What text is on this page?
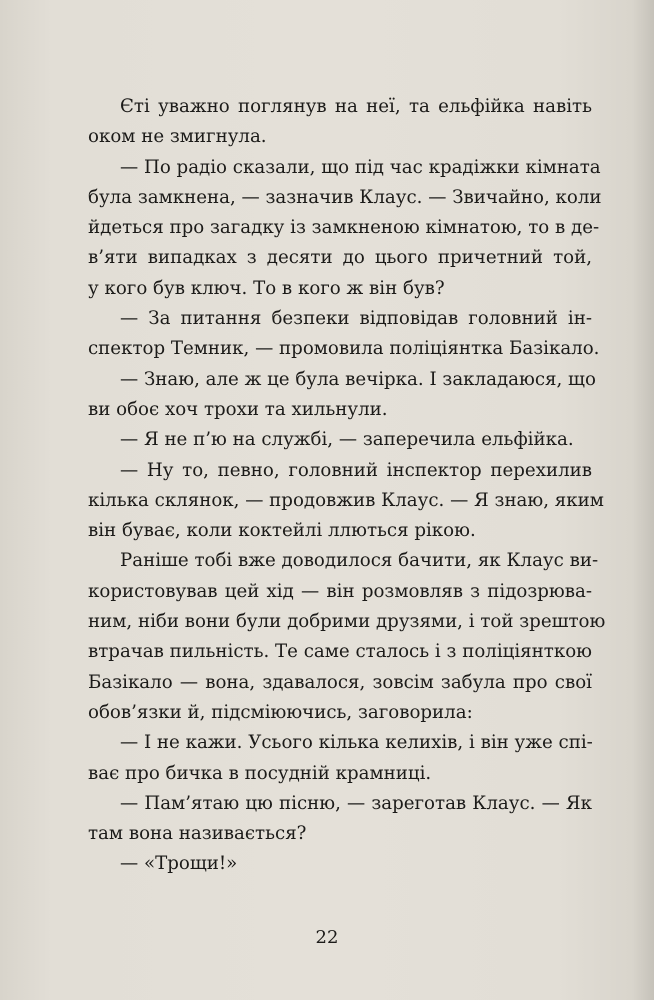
Єті уважно поглянув на неї, та ельфійка навіть
оком не змигнула.
— По радіо сказали, що під час крадіжки кімната
була замкнена, — зазначив Клаус. — Звичайно, коли
йдеться про загадку із замкненою кімнатою, то в де-
в’яти випадках з десяти до цього причетний той,
у кого був ключ. То в кого ж він був?
— За питання безпеки відповідав головний ін-
спектор Темник, — промовила поліціянтка Базікало.
— Знаю, але ж це була вечірка. І закладаюся, що
ви обоє хоч трохи та хильнули.
— Я не п’ю на службі, — заперечила ельфійка.
— Ну то, певно, головний інспектор перехилив
кілька склянок, — продовжив Клаус. — Я знаю, яким
він буває, коли коктейлі ллються рікою.
Раніше тобі вже доводилося бачити, як Клаус ви-
користовував цей хід — він розмовляв з підозрюва-
ним, ніби вони були добрими друзями, і той зрештою
втрачав пильність. Те саме сталось і з поліціянткою
Базікало — вона, здавалося, зовсім забула про свої
обов’язки й, підсміюючись, заговорила:
— І не кажи. Усього кілька келихів, і він уже спі-
ває про бичка в посудній крамниці.
— Пам’ятаю цю пісню, — зареготав Клаус. — Як
там вона називається?
— «Трощи!»
22
